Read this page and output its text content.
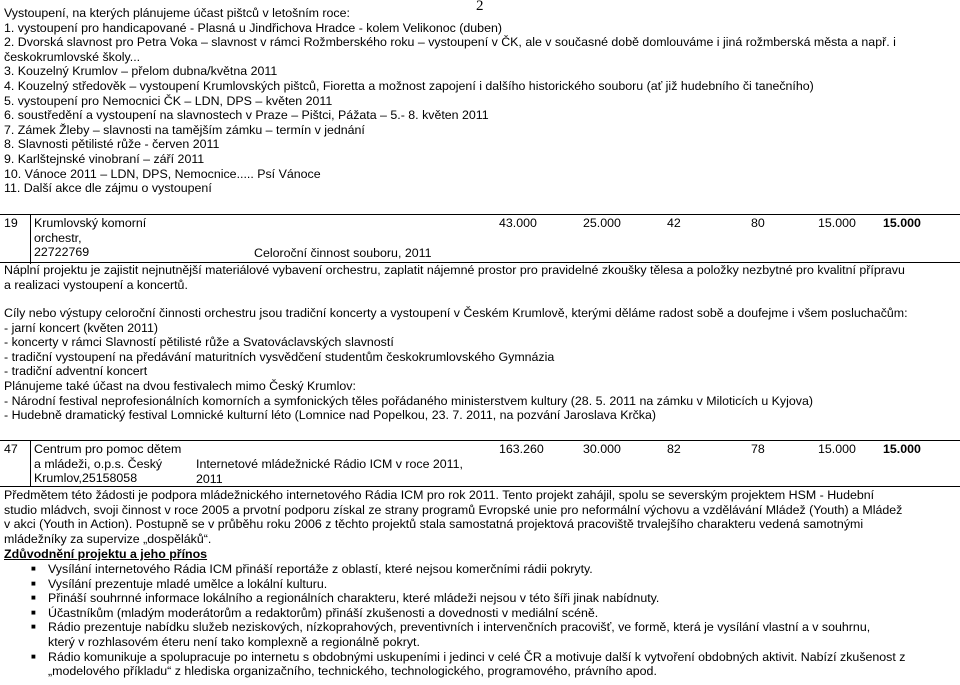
2

Vystoupení, na kterých plánujeme účast pištců v letošním roce:

1. vystoupení pro handicapované - Plasná u Jindřichova Hradce - kolem Velikonoc (duben)

2. Dvorská slavnost pro Petra Voka – slavnost v rámci Rožmberského roku – vystoupení v ČK, ale v současné době domlouváme i jiná rožmberská města a např. i

českokrumlovské školy...

3. Kouzelný Krumlov – přelom dubna/května 2011

4. Kouzelný středověk – vystoupení Krumlovských pištců, Fioretta a možnost zapojení i dalšího historického souboru (ať již hudebního či tanečního)

5. vystoupení pro Nemocnici ČK – LDN, DPS – květen 2011

6. soustředění a vystoupení na slavnostech v Praze – Pištci, Pážata – 5.- 8. květen 2011

7. Zámek Žleby – slavnosti na tamějším zámku – termín v jednání

8. Slavnosti pětilisté růže - červen 2011

9. Karlštejnské vinobraní – září 2011

10. Vánoce 2011 – LDN, DPS, Nemocnice..... Psí Vánoce

11. Další akce dle zájmu o vystoupení

19 Krumlovský komorní

orchestr,

22722769	Celoroční činnost souboru, 2011
43.000	25.000	42	80	15.000 15.000

Náplní projektu je zajistit nejnutnější materiálové vybavení orchestru, zaplatit nájemné prostor pro pravidelné zkoušky tělesa a položky nezbytné pro kvalitní přípravu

a realizaci vystoupení a koncertů.

Cíly nebo výstupy celoroční činnosti orchestru jsou tradiční koncerty a vystoupení v Českém Krumlově, kterými děláme radost sobě a doufejme i všem posluchačům:

- jarní koncert (květen 2011)

- koncerty v rámci Slavností pětilisté růže a Svatováclavských slavností

- tradiční vystoupení na předávání maturitních vysvědčení studentům českokrumlovského Gymnázia

- tradiční adventní koncert

Plánujeme také účast na dvou festivalech mimo Český Krumlov:

- Národní festival neprofesionálních komorních a symfonických těles pořádaného ministerstvem kultury (28. 5. 2011 na zámku v Miloticích u Kyjova)

- Hudebně dramatický festival Lomnické kulturní léto (Lomnice nad Popelkou, 23. 7. 2011, na pozvání Jaroslava Krčka)

47 Centrum pro pomoc dětem

a mládeži, o.p.s. Český

Krumlov,25158058

Internetové mládežnické Rádio ICM v roce 2011,

2011

163.260	30.000	82	78	15.000 15.000

Předmětem této žádosti je podpora mládežnického internetového Rádia ICM pro rok 2011. Tento projekt zahájil, spolu se severským projektem HSM - Hudební

studio mládvch, svoji činnost v roce 2005 a prvotní podporu získal ze strany programů Evropské unie pro neformální výchovu a vzdělávání Mládež (Youth) a Mládež

v akci (Youth in Action). Postupně se v průběhu roku 2006 z těchto projektů stala samostatná projektová pracoviště trvalejšího charakteru vedená samotnými

mládežníky za supervize „dospěláků“.

Zdůvodnění projektu a jeho přínos

■ Vysílání internetového Rádia ICM přináší reportáže z oblastí, které nejsou komerčními rádii pokryty.

■ Vysílání prezentuje mladé umělce a lokální kulturu.

■ Přináší souhrnné informace lokálního a regionálních charakteru, které mládeži nejsou v této šíři jinak nabídnuty.

■ Účastníkům (mladým moderátorům a redaktorům) přináší zkušenosti a dovednosti v mediální scéně.

■ Rádio prezentuje nabídku služeb neziskových, nízkoprahových, preventivních i intervenčních pracovišť, ve formě, která je vysílání vlastní a v souhrnu,

který v rozhlasovém éteru není tako komplexně a regionálně pokryt.

■ Rádio komunikuje a spolupracuje po internetu s obdobnými uskupeními i jedinci v celé ČR a motivuje další k vytvoření obdobných aktivit. Nabízí zkušenost z

„modelového příkladu“ z hlediska organizačního, technického, technologického, programového, právního apod.
